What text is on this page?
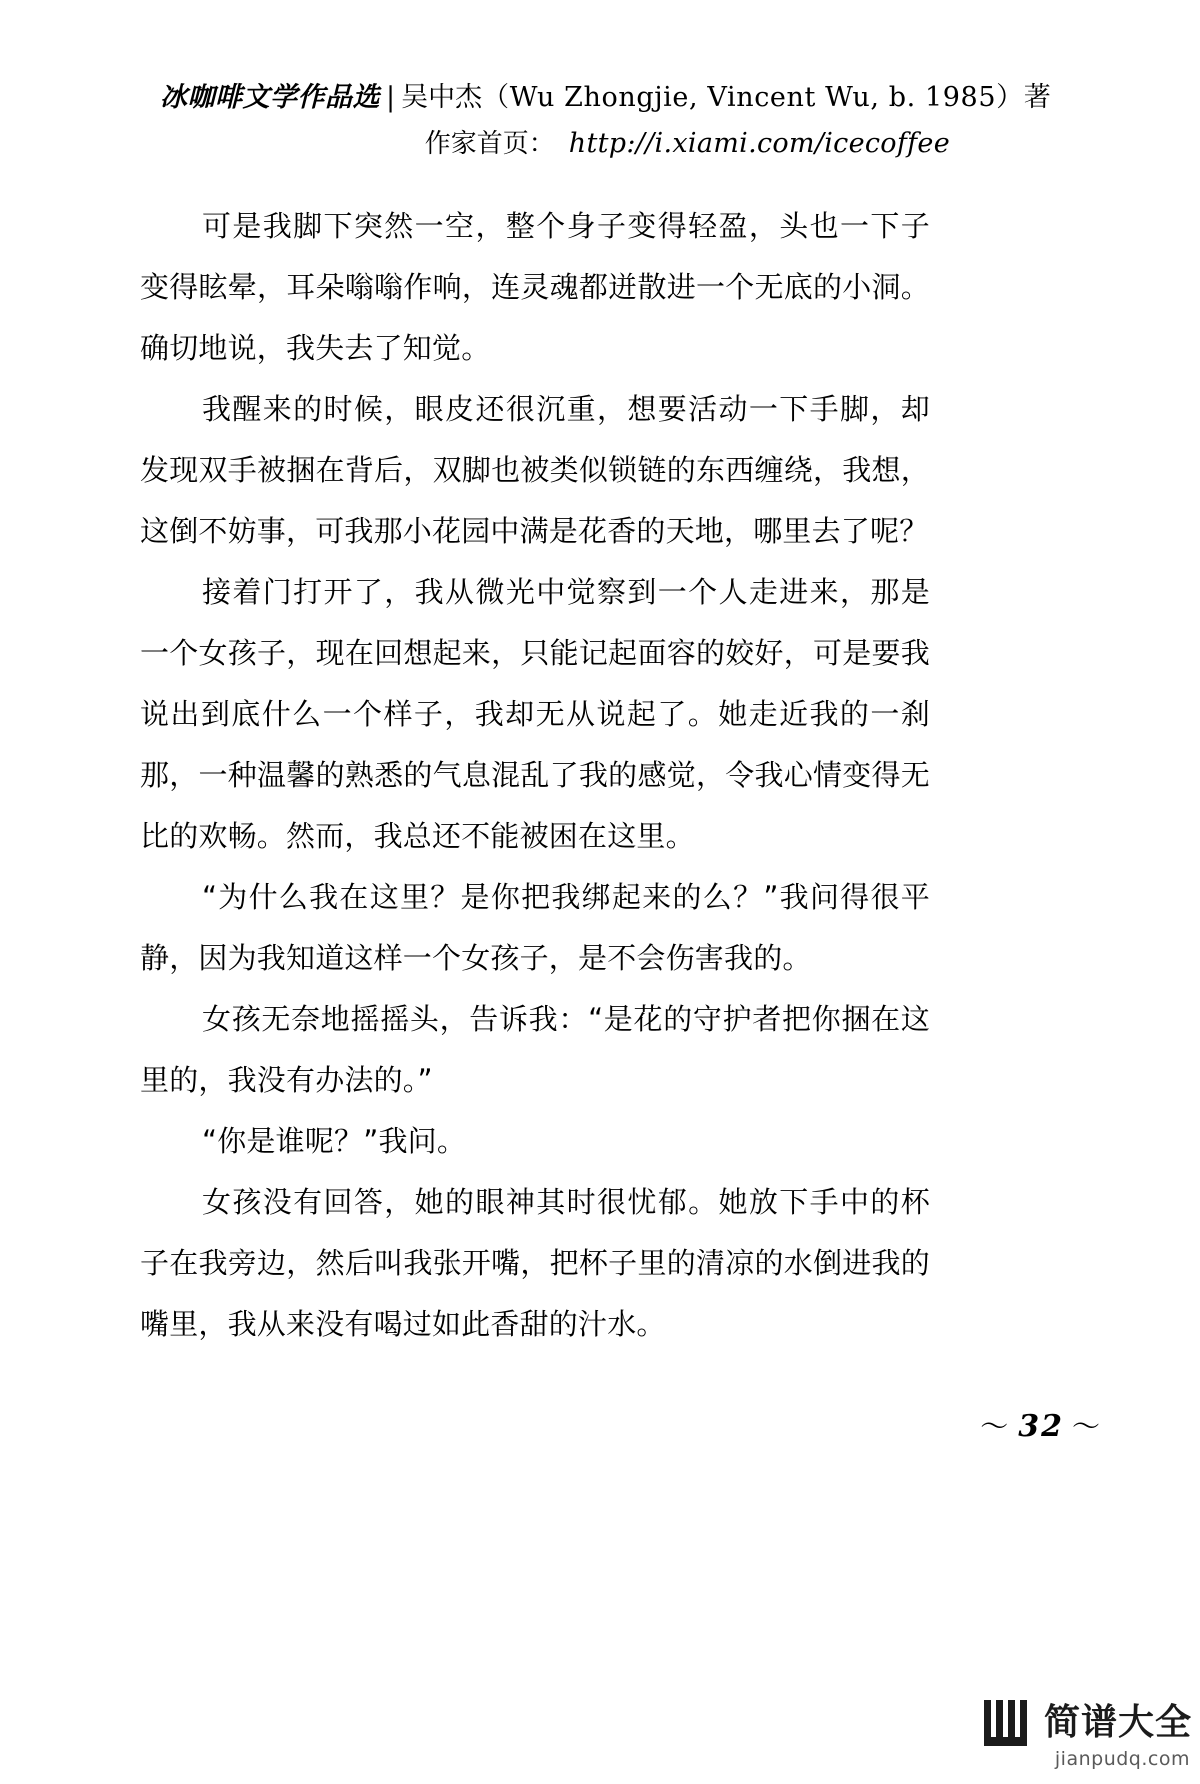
冰咖啡文学作品选 | 吴中杰（Wu Zhongjie, Vincent Wu, b. 1985）著
作家首页： http://i.xiami.com/icecoffee

可是我脚下突然一空，整个身子变得轻盈，头也一下子变得眩晕，耳朵嗡嗡作响，连灵魂都迸散进一个无底的小洞。确切地说，我失去了知觉。

我醒来的时候，眼皮还很沉重，想要活动一下手脚，却发现双手被捆在背后，双脚也被类似锁链的东西缠绕，我想，这倒不妨事，可我那小花园中满是花香的天地，哪里去了呢？

接着门打开了，我从微光中觉察到一个人走进来，那是一个女孩子，现在回想起来，只能记起面容的姣好，可是要我说出到底什么一个样子，我却无从说起了。她走近我的一刹那，一种温馨的熟悉的气息混乱了我的感觉，令我心情变得无比的欢畅。然而，我总还不能被困在这里。

“为什么我在这里？是你把我绑起来的么？”我问得很平静，因为我知道这样一个女孩子，是不会伤害我的。

女孩无奈地摇摇头，告诉我：“是花的守护者把你捆在这里的，我没有办法的。”

“你是谁呢？”我问。

女孩没有回答，她的眼神其时很忧郁。她放下手中的杯子在我旁边，然后叫我张开嘴，把杯子里的清凉的水倒进我的嘴里，我从来没有喝过如此香甜的汁水。

～ 32 ～
简谱大全
jianpudq.com
